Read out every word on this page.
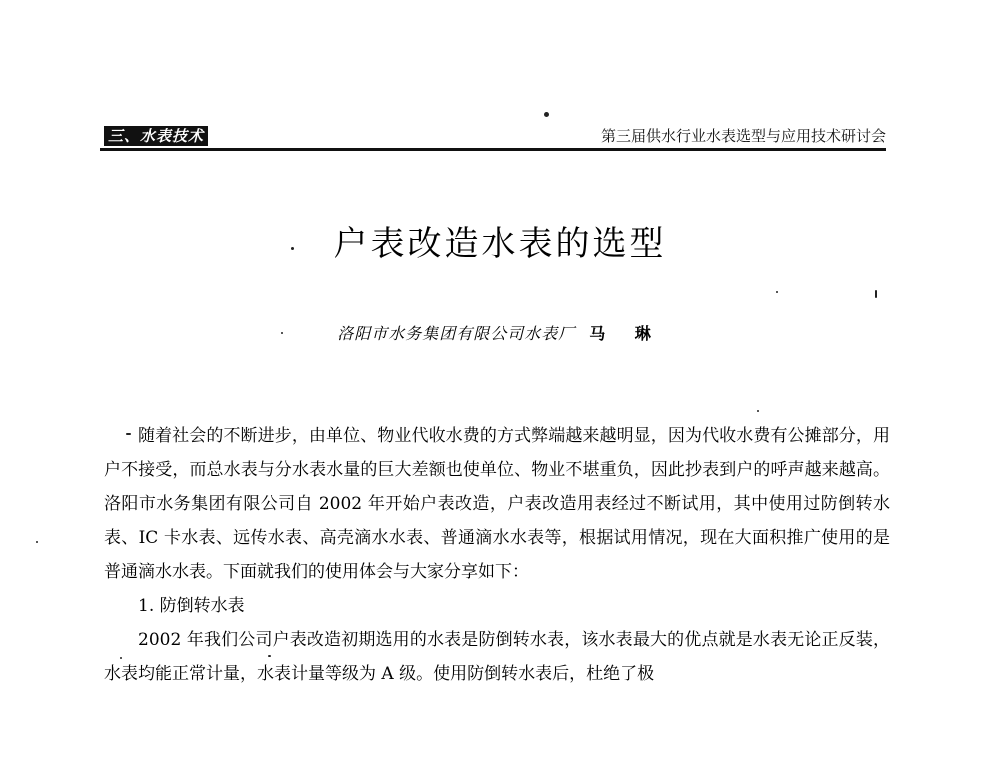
三、水表技术	第三届供水行业水表选型与应用技术研讨会
户表改造水表的选型
洛阳市水务集团有限公司水表厂 马 琳

随着社会的不断进步，由单位、物业代收水费的方式弊端越来越明显，因为代收水费有公摊部分，用户不接受，而总水表与分水表水量的巨大差额也使单位、物业不堪重负，因此抄表到户的呼声越来越高。洛阳市水务集团有限公司自 2002 年开始户表改造，户表改造用表经过不断试用，其中使用过防倒转水表、IC 卡水表、远传水表、高壳滴水水表、普通滴水水表等，根据试用情况，现在大面积推广使用的是普通滴水水表。下面就我们的使用体会与大家分享如下：

1. 防倒转水表

2002 年我们公司户表改造初期选用的水表是防倒转水表，该水表最大的优点就是水表无论正反装，水表均能正常计量，水表计量等级为 A 级。使用防倒转水表后，杜绝了极
